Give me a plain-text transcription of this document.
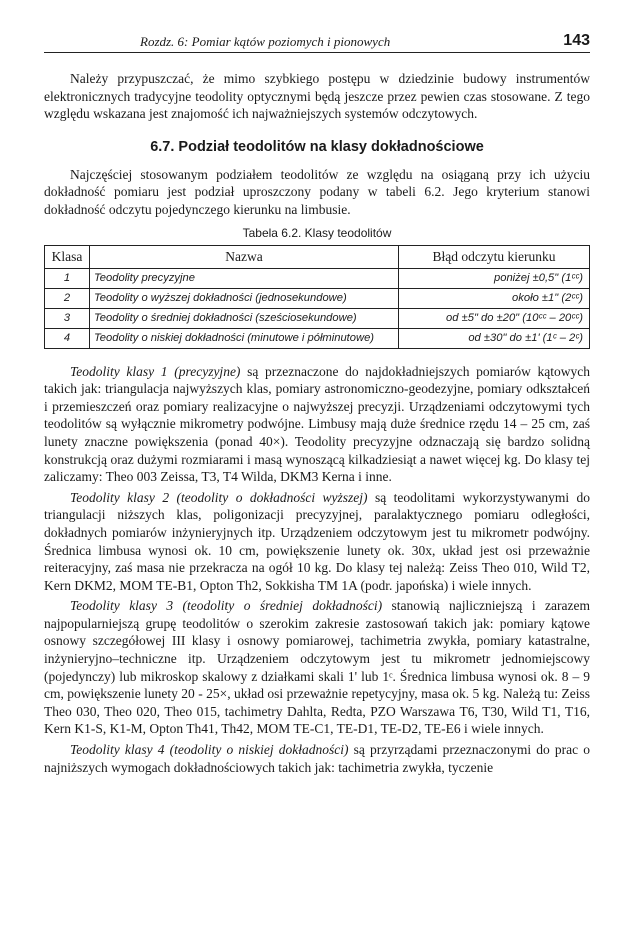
Rozdz. 6: Pomiar kątów poziomych i pionowych	143

Należy przypuszczać, że mimo szybkiego postępu w dziedzinie budowy instrumentów elektronicznych tradycyjne teodolity optycznymi będą jeszcze przez pewien czas stosowane. Z tego względu wskazana jest znajomość ich najważniejszych systemów odczytowych.

6.7. Podział teodolitów na klasy dokładnościowe

Najczęściej stosowanym podziałem teodolitów ze względu na osiąganą przy ich użyciu dokładność pomiaru jest podział uproszczony podany w tabeli 6.2. Jego kryterium stanowi dokładność odczytu pojedynczego kierunku na limbusie.

Tabela 6.2. Klasy teodolitów
Klasa	Nazwa	Błąd odczytu kierunku
1	Teodolity precyzyjne	poniżej ±0,5" (1ᶜᶜ)
2	Teodolity o wyższej dokładności (jednosekundowe)	około ±1" (2ᶜᶜ)
3	Teodolity o średniej dokładności (sześciosekundowe)	od ±5" do ±20" (10ᶜᶜ – 20ᶜᶜ)
4	Teodolity o niskiej dokładności (minutowe i półminutowe)	od ±30" do ±1' (1ᶜ – 2ᶜ)

Teodolity klasy 1 (precyzyjne) są przeznaczone do najdokładniejszych pomiarów kątowych takich jak: triangulacja najwyższych klas, pomiary astronomiczno-geodezyjne, pomiary odkształceń i przemieszczeń oraz pomiary realizacyjne o najwyższej precyzji. Urządzeniami odczytowymi tych teodolitów są wyłącznie mikrometry podwójne. Limbusy mają duże średnice rzędu 14 – 25 cm, zaś lunety znaczne powiększenia (ponad 40×). Teodolity precyzyjne odznaczają się bardzo solidną konstrukcją oraz dużymi rozmiarami i masą wynoszącą kilkadziesiąt a nawet więcej kg. Do klasy tej zaliczamy: Theo 003 Zeissa, T3, T4 Wilda, DKM3 Kerna i inne.

Teodolity klasy 2 (teodolity o dokładności wyższej) są teodolitami wykorzystywanymi do triangulacji niższych klas, poligonizacji precyzyjnej, paralaktycznego pomiaru odległości, dokładnych pomiarów inżynieryjnych itp. Urządzeniem odczytowym jest tu mikrometr podwójny. Średnica limbusa wynosi ok. 10 cm, powiększenie lunety ok. 30x, układ jest osi przeważnie reiteracyjny, zaś masa nie przekracza na ogół 10 kg. Do klasy tej należą: Zeiss Theo 010, Wild T2, Kern DKM2, MOM TE-B1, Opton Th2, Sokkisha TM 1A (podr. japońska) i wiele innych.

Teodolity klasy 3 (teodolity o średniej dokładności) stanowią najliczniejszą i zarazem najpopularniejszą grupę teodolitów o szerokim zakresie zastosowań takich jak: pomiary kątowe osnowy szczegółowej III klasy i osnowy pomiarowej, tachimetria zwykła, pomiary katastralne, inżynieryjno–techniczne itp. Urządzeniem odczytowym jest tu mikrometr jednomiejscowy (pojedynczy) lub mikroskop skalowy z działkami skali 1' lub 1ᶜ. Średnica limbusa wynosi ok. 8 – 9 cm, powiększenie lunety 20 - 25×, układ osi przeważnie repetycyjny, masa ok. 5 kg. Należą tu: Zeiss Theo 030, Theo 020, Theo 015, tachimetry Dahlta, Redta, PZO Warszawa T6, T30, Wild T1, T16, Kern K1-S, K1-M, Opton Th41, Th42, MOM TE-C1, TE-D1, TE-D2, TE-E6 i wiele innych.

Teodolity klasy 4 (teodolity o niskiej dokładności) są przyrządami przeznaczonymi do prac o najniższych wymogach dokładnościowych takich jak: tachimetria zwykła, tyczenie
